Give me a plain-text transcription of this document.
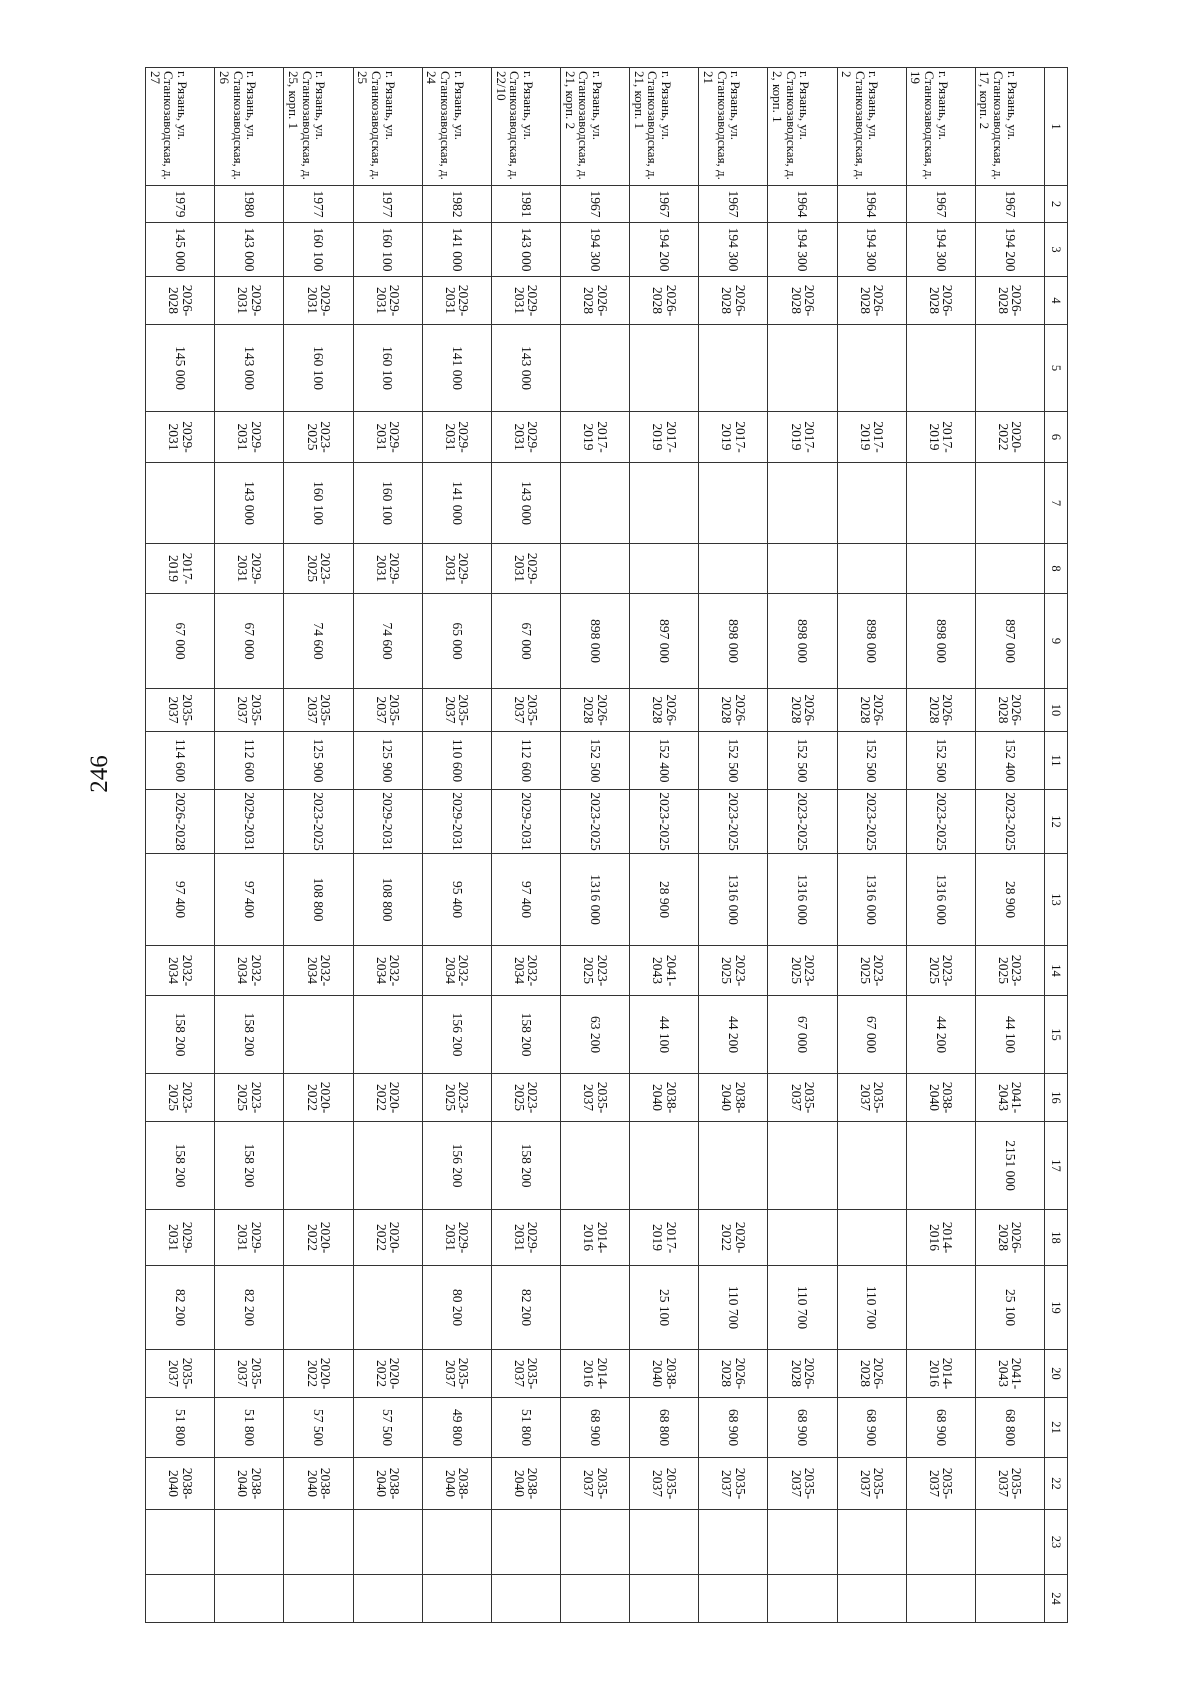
246
1	2	3	4	5	6	7	8	9	10	11	12	13	14	15	16	17	18	19	20	21	22	23	24
г. Рязань, ул. Станкозаводская, д. 17, корп. 2	1967	194 200	2026-2028		2020-2022			897 000	2026-2028	152 400	2023-2025	28 900	2023-2025	44 100	2041-2043	2151 000	2026-2028	25 100	2041-2043	68 800	2035-2037		
г. Рязань, ул. Станкозаводская, д. 19	1967	194 300	2026-2028		2017-2019			898 000	2026-2028	152 500	2023-2025	1316 000	2023-2025	44 200	2038-2040		2014-2016		2014-2016	68 900	2035-2037		
г. Рязань, ул. Станкозаводская, д. 2	1964	194 300	2026-2028		2017-2019			898 000	2026-2028	152 500	2023-2025	1316 000	2023-2025	67 000	2035-2037			110 700	2026-2028	68 900	2035-2037		
г. Рязань, ул. Станкозаводская, д. 2, корп. 1	1964	194 300	2026-2028		2017-2019			898 000	2026-2028	152 500	2023-2025	1316 000	2023-2025	67 000	2035-2037			110 700	2026-2028	68 900	2035-2037		
г. Рязань, ул. Станкозаводская, д. 21	1967	194 300	2026-2028		2017-2019			898 000	2026-2028	152 500	2023-2025	1316 000	2023-2025	44 200	2038-2040		2020-2022	110 700	2026-2028	68 900	2035-2037		
г. Рязань, ул. Станкозаводская, д. 21, корп. 1	1967	194 200	2026-2028		2017-2019			897 000	2026-2028	152 400	2023-2025	28 900	2041-2043	44 100	2038-2040		2017-2019	25 100	2038-2040	68 800	2035-2037		
г. Рязань, ул. Станкозаводская, д. 21, корп. 2	1967	194 300	2026-2028		2017-2019			898 000	2026-2028	152 500	2023-2025	1316 000	2023-2025	63 200	2035-2037		2014-2016		2014-2016	68 900	2035-2037		
г. Рязань, ул. Станкозаводская, д. 22/10	1981	143 000	2029-2031	143 000	2029-2031	143 000	2029-2031	67 000	2035-2037	112 600	2029-2031	97 400	2032-2034	158 200	2023-2025	158 200	2029-2031	82 200	2035-2037	51 800	2038-2040		
г. Рязань, ул. Станкозаводская, д. 24	1982	141 000	2029-2031	141 000	2029-2031	141 000	2029-2031	65 000	2035-2037	110 600	2029-2031	95 400	2032-2034	156 200	2023-2025	156 200	2029-2031	80 200	2035-2037	49 800	2038-2040		
г. Рязань, ул. Станкозаводская, д. 25	1977	160 100	2029-2031	160 100	2029-2031	160 100	2029-2031	74 600	2035-2037	125 900	2029-2031	108 800	2032-2034		2020-2022		2020-2022		2020-2022	57 500	2038-2040		
г. Рязань, ул. Станкозаводская, д. 25, корп. 1	1977	160 100	2029-2031	160 100	2023-2025	160 100	2023-2025	74 600	2035-2037	125 900	2023-2025	108 800	2032-2034		2020-2022		2020-2022		2020-2022	57 500	2038-2040		
г. Рязань, ул. Станкозаводская, д. 26	1980	143 000	2029-2031	143 000	2029-2031	143 000	2029-2031	67 000	2035-2037	112 600	2029-2031	97 400	2032-2034	158 200	2023-2025	158 200	2029-2031	82 200	2035-2037	51 800	2038-2040		
г. Рязань, ул. Станкозаводская, д. 27	1979	145 000	2026-2028	145 000	2029-2031		2017-2019	67 000	2035-2037	114 600	2026-2028	97 400	2032-2034	158 200	2023-2025	158 200	2029-2031	82 200	2035-2037	51 800	2038-2040		
